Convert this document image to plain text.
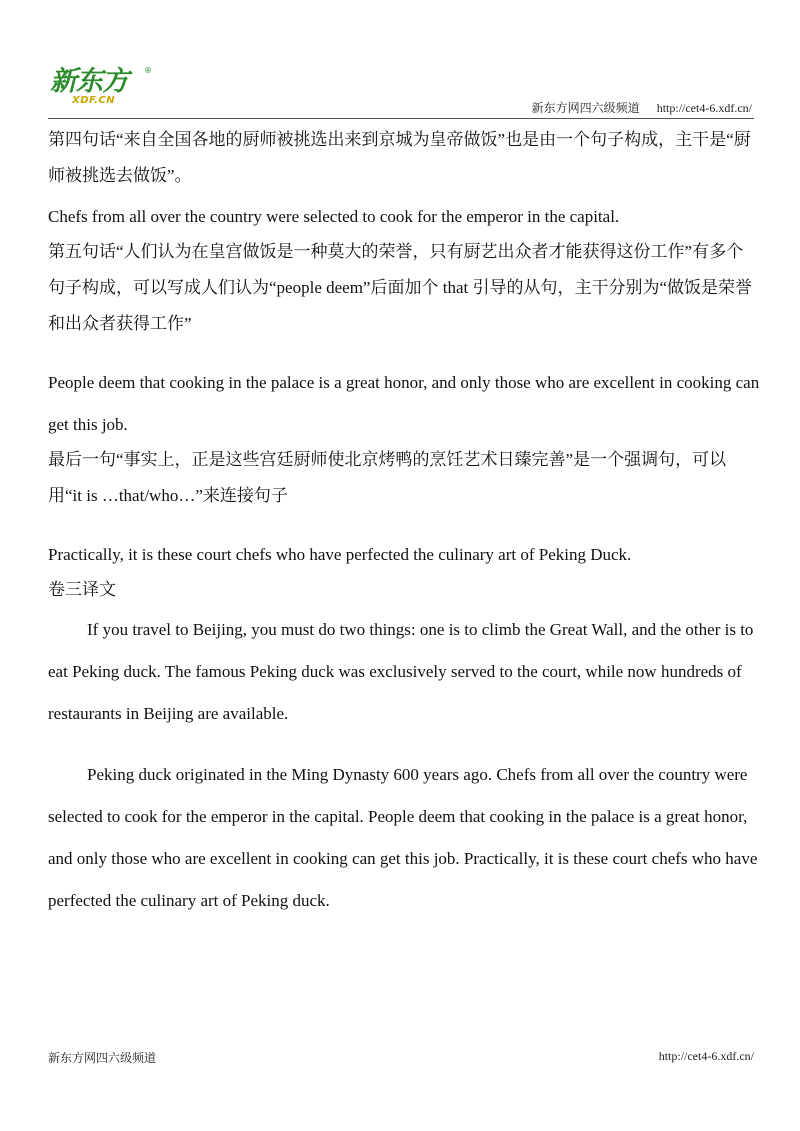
新东方 ®
XDF.CN
新东方网四六级频道 http://cet4-6.xdf.cn/

第四句话“来自全国各地的厨师被挑选出来到京城为皇帝做饭”也是由一个句子构成，主干是“厨师被挑选去做饭”。

Chefs from all over the country were selected to cook for the emperor in the capital.

第五句话“人们认为在皇宫做饭是一种莫大的荣誉，只有厨艺出众者才能获得这份工作”有多个句子构成，可以写成人们认为“people deem”后面加个 that 引导的从句，主干分别为“做饭是荣誉和出众者获得工作”

People deem that cooking in the palace is a great honor, and only those who are excellent in cooking can get this job.

最后一句“事实上，正是这些宫廷厨师使北京烤鸭的烹饪艺术日臻完善”是一个强调句，可以用“it is …that/who…”来连接句子

Practically, it is these court chefs who have perfected the culinary art of Peking Duck.

卷三译文

If you travel to Beijing, you must do two things: one is to climb the Great Wall, and the other is to eat Peking duck. The famous Peking duck was exclusively served to the court, while now hundreds of restaurants in Beijing are available.

Peking duck originated in the Ming Dynasty 600 years ago. Chefs from all over the country were selected to cook for the emperor in the capital. People deem that cooking in the palace is a great honor, and only those who are excellent in cooking can get this job. Practically, it is these court chefs who have perfected the culinary art of Peking duck.

新东方网四六级频道	http://cet4-6.xdf.cn/
